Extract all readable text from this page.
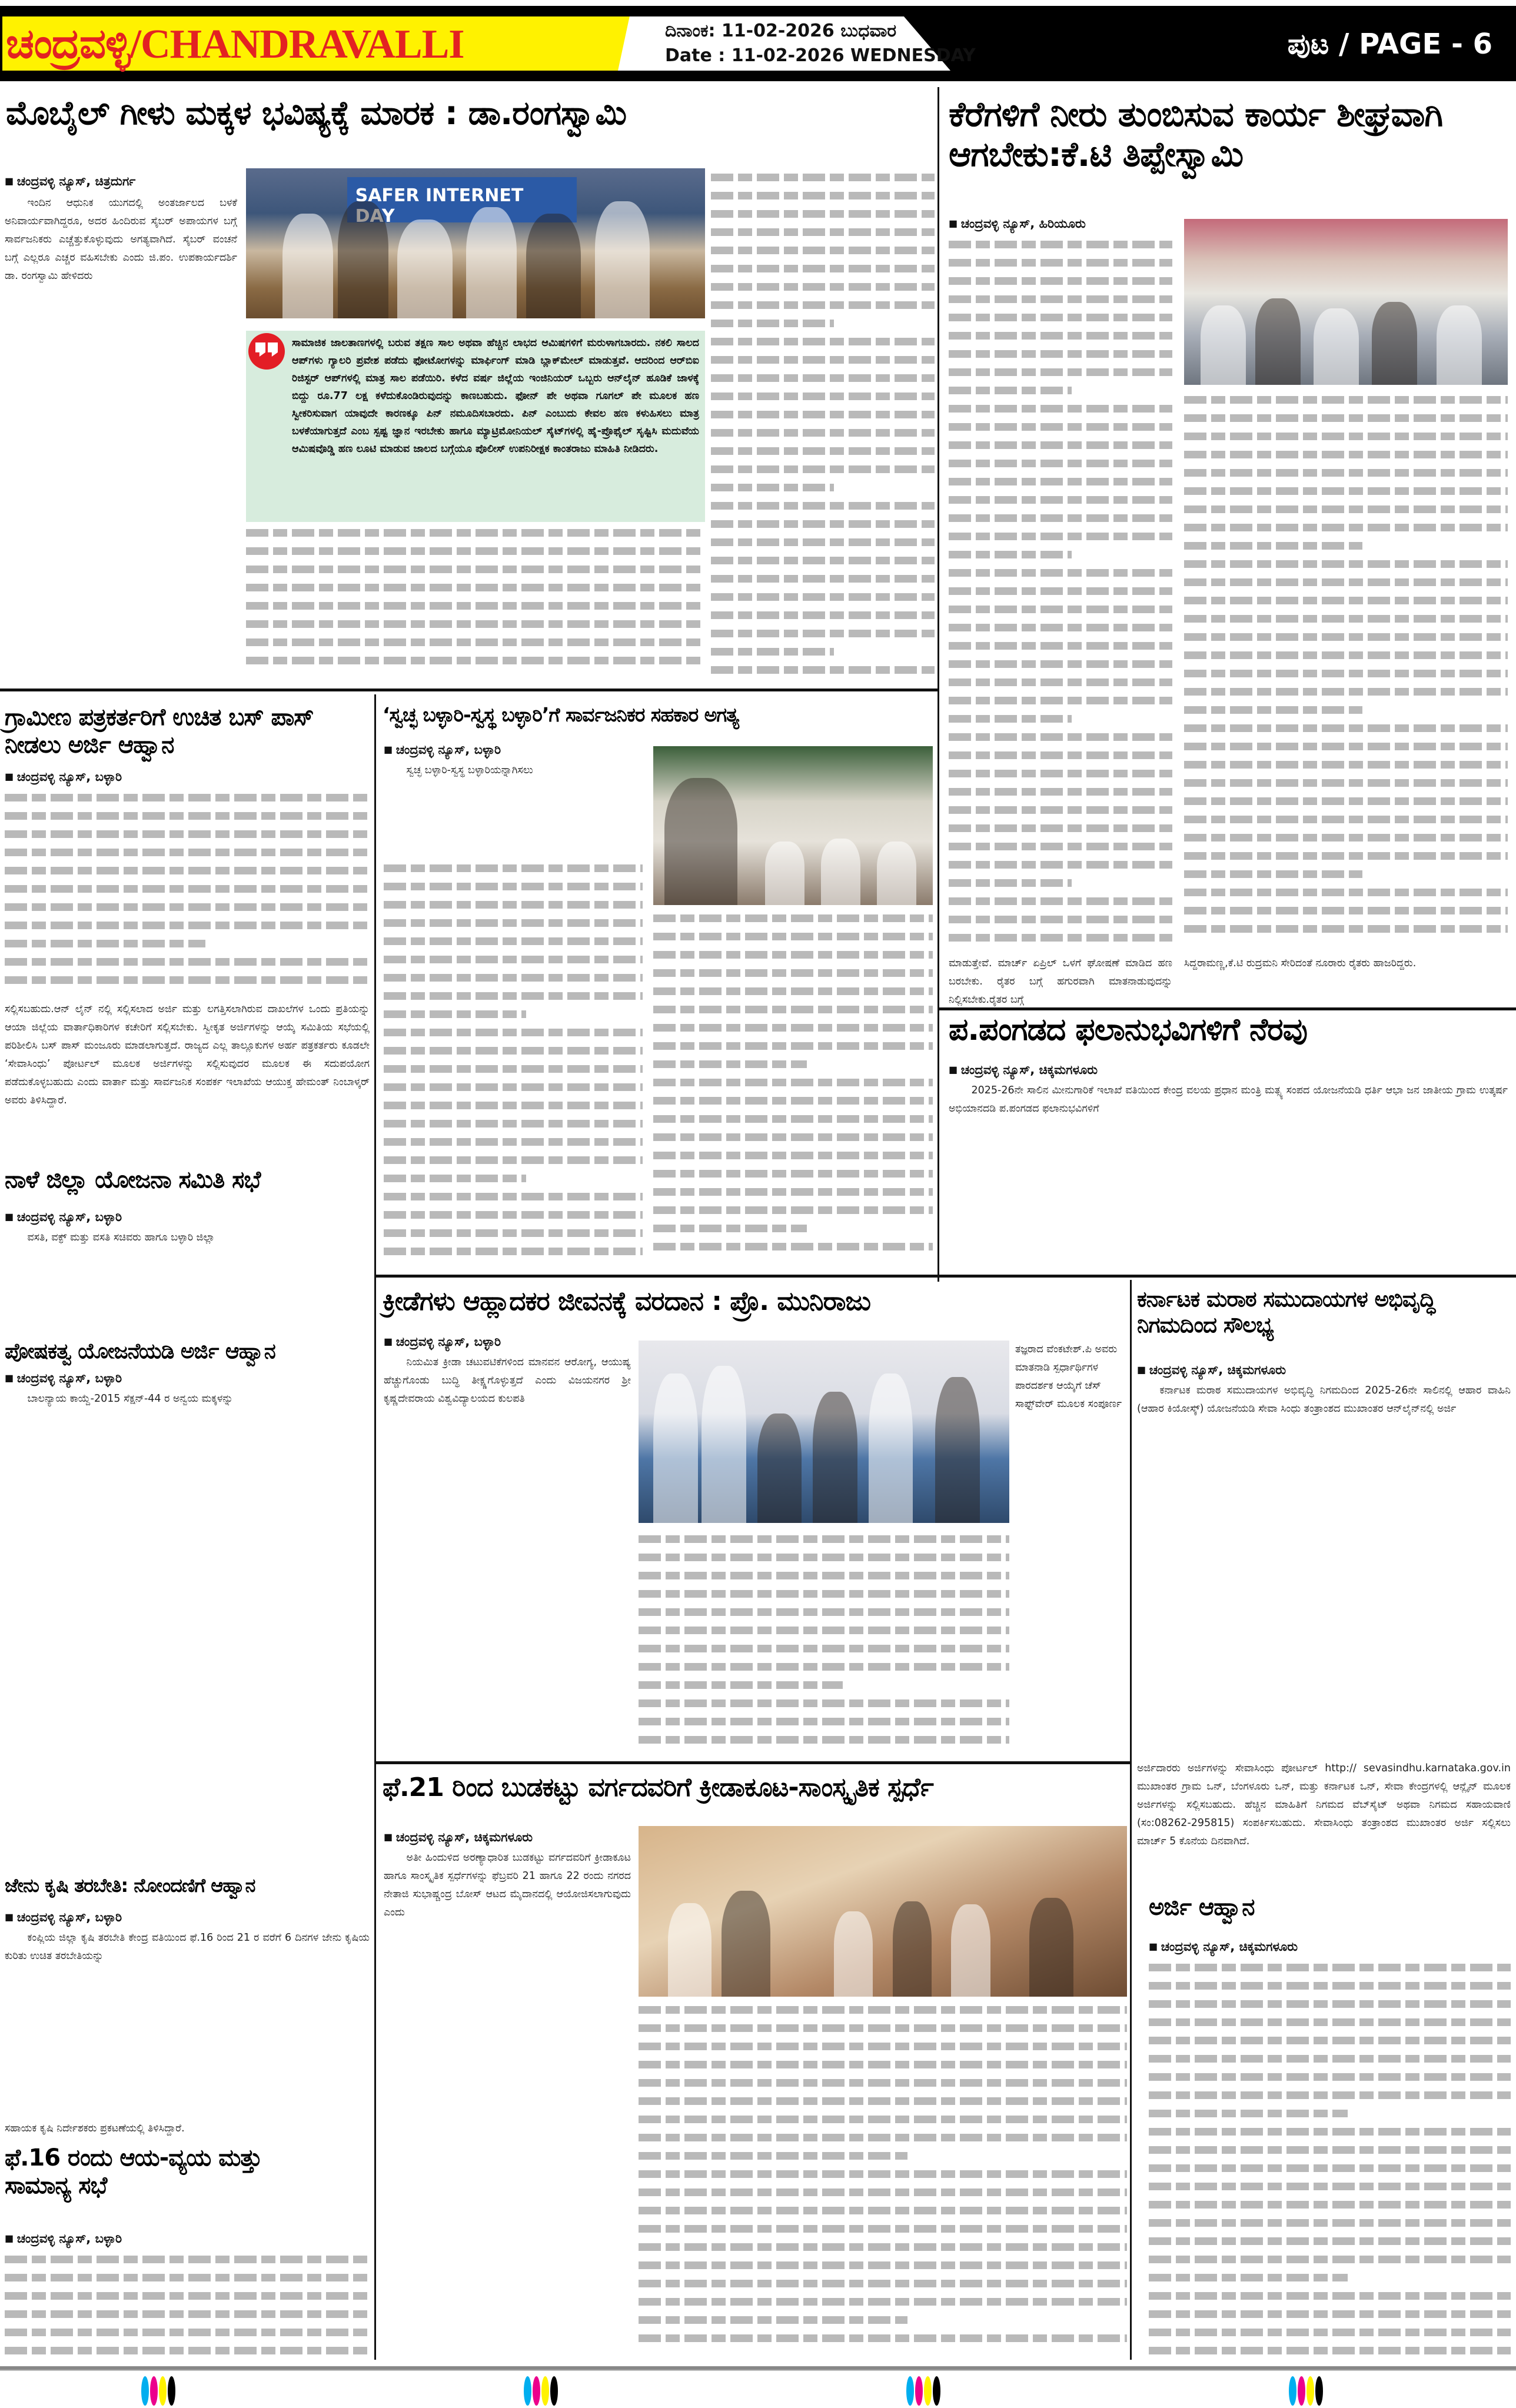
ಚಂದ್ರವಳ್ಳಿ/CHANDRAVALLI	ದಿನಾಂಕ: 11-02-2026 ಬುಧವಾರ
Date : 11-02-2026 WEDNESDAY	ಪುಟ / PAGE - 6
ಮೊಬೈಲ್ ಗೀಳು ಮಕ್ಕಳ ಭವಿಷ್ಯಕ್ಕೆ ಮಾರಕ : ಡಾ.ರಂಗಸ್ವಾಮಿ
■ ಚಂದ್ರವಳ್ಳಿ ನ್ಯೂಸ್, ಚಿತ್ರದುರ್ಗ

ಇಂದಿನ ಆಧುನಿಕ ಯುಗದಲ್ಲಿ ಅಂತರ್ಜಾಲದ ಬಳಕೆ ಅನಿವಾರ್ಯವಾಗಿದ್ದರೂ, ಅದರ ಹಿಂದಿರುವ ಸೈಬರ್ ಅಪಾಯಗಳ ಬಗ್ಗೆ ಸಾರ್ವಜನಿಕರು ಎಚ್ಚೆತ್ತುಕೊಳ್ಳುವುದು ಅಗತ್ಯವಾಗಿದೆ. ಸೈಬರ್ ವಂಚನೆ ಬಗ್ಗೆ ಎಲ್ಲರೂ ಎಚ್ಚರ ವಹಿಸಬೇಕು ಎಂದು ಜಿ.ಪಂ. ಉಪಕಾರ್ಯದರ್ಶಿ ಡಾ. ರಂಗಸ್ವಾಮಿ ಹೇಳಿದರು

SAFER INTERNET DAY
ಸಾಮಾಜಿಕ ಜಾಲತಾಣಗಳಲ್ಲಿ ಬರುವ ತಕ್ಷಣ ಸಾಲ ಅಥವಾ ಹೆಚ್ಚಿನ ಲಾಭದ ಆಮಿಷಗಳಿಗೆ ಮರುಳಾಗಬಾರದು. ನಕಲಿ ಸಾಲದ ಆಪ್‌ಗಳು ಗ್ಯಾಲರಿ ಪ್ರವೇಶ ಪಡೆದು ಫೋಟೋಗಳನ್ನು ಮಾರ್ಫಿಂಗ್ ಮಾಡಿ ಬ್ಲಾಕ್‌ಮೇಲ್ ಮಾಡುತ್ತವೆ. ಆದರಿಂದ ಆರ್‌ಬಿಐ ರಿಜಿಸ್ಟರ್ ಆಪ್‌ಗಳಲ್ಲಿ ಮಾತ್ರ ಸಾಲ ಪಡೆಯಿರಿ. ಕಳೆದ ವರ್ಷ ಜಿಲ್ಲೆಯ ಇಂಜಿನಿಯರ್ ಒಬ್ಬರು ಆನ್‌ಲೈನ್ ಹೂಡಿಕೆ ಜಾಳಕ್ಕೆ ಬಿದ್ದು ರೂ.77 ಲಕ್ಷ ಕಳೆದುಕೊಂಡಿರುವುದನ್ನು ಕಾಣಬಹುದು. ಫೋನ್ ಪೇ ಅಥವಾ ಗೂಗಲ್ ಪೇ ಮೂಲಕ ಹಣ ಸ್ವೀಕರಿಸುವಾಗ ಯಾವುದೇ ಕಾರಣಕ್ಕೂ ಪಿನ್ ನಮೂದಿಸಬಾರದು. ಪಿನ್ ಎಂಬುದು ಕೇವಲ ಹಣ ಕಳುಹಿಸಲು ಮಾತ್ರ ಬಳಕೆಯಾಗುತ್ತದೆ ಎಂಬ ಸ್ಪಷ್ಟ ಜ್ಞಾನ ಇರಬೇಕು ಹಾಗೂ ಮ್ಯಾಟ್ರಿಮೋನಿಯಲ್ ಸೈಟ್‌ಗಳಲ್ಲಿ ಹೈ-ಪ್ರೊಫೈಲ್ ಸೃಷ್ಟಿಸಿ ಮದುವೆಯ ಆಮಿಷವೊಡ್ಡಿ ಹಣ ಲೂಟಿ ಮಾಡುವ ಜಾಲದ ಬಗ್ಗೆಯೂ ಪೊಲೀಸ್ ಉಪನಿರೀಕ್ಷಕ ಕಾಂತರಾಜು ಮಾಹಿತಿ ನೀಡಿದರು.
ಕೆರೆಗಳಿಗೆ ನೀರು ತುಂಬಿಸುವ ಕಾರ್ಯ ಶೀಘ್ರವಾಗಿ ಆಗಬೇಕು:ಕೆ.ಟಿ ತಿಪ್ಪೇಸ್ವಾಮಿ
■ ಚಂದ್ರವಳ್ಳಿ ನ್ಯೂಸ್, ಹಿರಿಯೂರು
ಮಾಡುತ್ತೇವೆ. ಮಾರ್ಚ್ ಏಪ್ರಿಲ್ ಒಳಗೆ ಘೋಷಣೆ ಮಾಡಿದ ಹಣ ಬರಬೇಕು. ರೈತರ ಬಗ್ಗೆ ಹಗುರವಾಗಿ ಮಾತನಾಡುವುದನ್ನು ನಿಲ್ಲಿಸಬೇಕು.ರೈತರ ಬಗ್ಗೆ
ಸಿದ್ದರಾಮಣ್ಣ,ಕೆ.ಟಿ ರುದ್ರಮನಿ ಸೇರಿದಂತೆ ನೂರಾರು ರೈತರು ಹಾಜರಿದ್ದರು.
ಗ್ರಾಮೀಣ ಪತ್ರಕರ್ತರಿಗೆ ಉಚಿತ ಬಸ್ ಪಾಸ್ ನೀಡಲು ಅರ್ಜಿ ಆಹ್ವಾನ
■ ಚಂದ್ರವಳ್ಳಿ ನ್ಯೂಸ್, ಬಳ್ಳಾರಿ
ಸಲ್ಲಿಸಬಹುದು.ಆನ್ ಲೈನ್ ನಲ್ಲಿ ಸಲ್ಲಿಸಲಾದ ಅರ್ಜಿ ಮತ್ತು ಲಗತ್ತಿಸಲಾಗಿರುವ ದಾಖಲೆಗಳ ಒಂದು ಪ್ರತಿಯನ್ನು ಆಯಾ ಜಿಲ್ಲೆಯ ವಾರ್ತಾಧಿಕಾರಿಗಳ ಕಚೇರಿಗೆ ಸಲ್ಲಿಸಬೇಕು. ಸ್ವೀಕೃತ ಅರ್ಜಿಗಳನ್ನು ಆಯ್ಕೆ ಸಮಿತಿಯ ಸಭೆಯಲ್ಲಿ ಪರಿಶೀಲಿಸಿ ಬಸ್ ಪಾಸ್ ಮಂಜೂರು ಮಾಡಲಾಗುತ್ತದೆ. ರಾಜ್ಯದ ಎಲ್ಲ ತಾಲ್ಲೂಕುಗಳ ಅರ್ಹ ಪತ್ರಕರ್ತರು ಕೂಡಲೇ ‘ಸೇವಾಸಿಂಧು’ ಪೋರ್ಟಲ್ ಮೂಲಕ ಅರ್ಜಿಗಳನ್ನು ಸಲ್ಲಿಸುವುದರ ಮೂಲಕ ಈ ಸದುಪಯೋಗ ಪಡೆದುಕೊಳ್ಳಬಹುದು ಎಂದು ವಾರ್ತಾ ಮತ್ತು ಸಾರ್ವಜನಿಕ ಸಂಪರ್ಕ ಇಲಾಖೆಯ ಆಯುಕ್ತ ಹೇಮಂತ್ ನಿಂಬಾಳ್ಕರ್ ಅವರು ತಿಳಿಸಿದ್ದಾರೆ.
ನಾಳೆ ಜಿಲ್ಲಾ ಯೋಜನಾ ಸಮಿತಿ ಸಭೆ
■ ಚಂದ್ರವಳ್ಳಿ ನ್ಯೂಸ್, ಬಳ್ಳಾರಿ

ವಸತಿ, ವಕ್ಫ್ ಮತ್ತು ವಸತಿ ಸಚಿವರು ಹಾಗೂ ಬಳ್ಳಾರಿ ಜಿಲ್ಲಾ

ಪೋಷಕತ್ವ ಯೋಜನೆಯಡಿ ಅರ್ಜಿ ಆಹ್ವಾನ
■ ಚಂದ್ರವಳ್ಳಿ ನ್ಯೂಸ್, ಬಳ್ಳಾರಿ

ಬಾಲನ್ಯಾಯ ಕಾಯ್ದೆ-2015 ಸೆಕ್ಷನ್-44 ರ ಅನ್ವಯ ಮಕ್ಕಳನ್ನು

ಜೇನು ಕೃಷಿ ತರಬೇತಿ: ನೋಂದಣಿಗೆ ಆಹ್ವಾನ
■ ಚಂದ್ರವಳ್ಳಿ ನ್ಯೂಸ್, ಬಳ್ಳಾರಿ

ಕಂಪ್ಲಿಯ ಜಿಲ್ಲಾ ಕೃಷಿ ತರಬೇತಿ ಕೇಂದ್ರ ವತಿಯಿಂದ ಫೆ.16 ರಿಂದ 21 ರ ವರೆಗೆ 6 ದಿನಗಳ ಜೇನು ಕೃಷಿಯ ಕುರಿತು ಉಚಿತ ತರಬೇತಿಯನ್ನು

ಸಹಾಯಕ ಕೃಷಿ ನಿರ್ದೇಶಕರು ಪ್ರಕಟಣೆಯಲ್ಲಿ ತಿಳಿಸಿದ್ದಾರೆ.
ಫೆ.16 ರಂದು ಆಯ-ವ್ಯಯ ಮತ್ತು ಸಾಮಾನ್ಯ ಸಭೆ
■ ಚಂದ್ರವಳ್ಳಿ ನ್ಯೂಸ್, ಬಳ್ಳಾರಿ
‘ಸ್ವಚ್ಛ ಬಳ್ಳಾರಿ-ಸ್ವಸ್ಥ ಬಳ್ಳಾರಿ’ಗೆ ಸಾರ್ವಜನಿಕರ ಸಹಕಾರ ಅಗತ್ಯ
■ ಚಂದ್ರವಳ್ಳಿ ನ್ಯೂಸ್, ಬಳ್ಳಾರಿ

ಸ್ವಚ್ಛ ಬಳ್ಳಾರಿ-ಸ್ವಸ್ಥ ಬಳ್ಳಾರಿಯನ್ನಾಗಿಸಲು

ಪ.ಪಂಗಡದ ಫಲಾನುಭವಿಗಳಿಗೆ ನೆರವು
■ ಚಂದ್ರವಳ್ಳಿ ನ್ಯೂಸ್, ಚಿಕ್ಕಮಗಳೂರು

2025-26ನೇ ಸಾಲಿನ ಮೀನುಗಾರಿಕೆ ಇಲಾಖೆ ವತಿಯಿಂದ ಕೇಂದ್ರ ವಲಯ ಪ್ರಧಾನ ಮಂತ್ರಿ ಮತ್ಸ್ಯ ಸಂಪದ ಯೋಜನೆಯಡಿ ಧರ್ತಿ ಆಭಾ ಜನ ಜಾತೀಯ ಗ್ರಾಮ ಉತ್ಕರ್ಷ ಅಭಿಯಾನದಡಿ ಪ.ಪಂಗಡದ ಫಲಾನುಭವಿಗಳಿಗೆ

ಕ್ರೀಡೆಗಳು ಆಹ್ಲಾದಕರ ಜೀವನಕ್ಕೆ ವರದಾನ : ಪ್ರೊ. ಮುನಿರಾಜು
■ ಚಂದ್ರವಳ್ಳಿ ನ್ಯೂಸ್, ಬಳ್ಳಾರಿ

ನಿಯಮಿತ ಕ್ರೀಡಾ ಚಟುವಟಿಕೆಗಳಿಂದ ಮಾನವನ ಆರೋಗ್ಯ, ಆಯುಷ್ಯ ಹೆಚ್ಚುಗೊಂಡು ಬುದ್ಧಿ ತೀಕ್ಷ್ಣಗೊಳ್ಳುತ್ತದೆ ಎಂದು ವಿಜಯನಗರ ಶ್ರೀ ಕೃಷ್ಣದೇವರಾಯ ವಿಶ್ವವಿದ್ಯಾಲಯದ ಕುಲಪತಿ

ತಜ್ಞರಾದ ವೆಂಕಟೇಶ್.ಪಿ ಅವರು ಮಾತನಾಡಿ ಸ್ಪರ್ಧಾರ್ಥಿಗಳ ಪಾರದರ್ಶಕ ಆಯ್ಕೆಗೆ ಚೆಸ್ ಸಾಫ್ಟ್‌ವೇರ್ ಮೂಲಕ ಸಂಪೂರ್ಣ
ಕರ್ನಾಟಕ ಮರಾಠ ಸಮುದಾಯಗಳ ಅಭಿವೃದ್ಧಿ ನಿಗಮದಿಂದ ಸೌಲಭ್ಯ
■ ಚಂದ್ರವಳ್ಳಿ ನ್ಯೂಸ್, ಚಿಕ್ಕಮಗಳೂರು

ಕರ್ನಾಟಕ ಮರಾಠ ಸಮುದಾಯಗಳ ಅಭಿವೃದ್ಧಿ ನಿಗಮದಿಂದ 2025-26ನೇ ಸಾಲಿನಲ್ಲಿ ಆಹಾರ ವಾಹಿನಿ (ಆಹಾರ ಕಿಯೋಸ್ಕ್) ಯೋಜನೆಯಡಿ ಸೇವಾ ಸಿಂಧು ತಂತ್ರಾಂಶದ ಮುಖಾಂತರ ಆನ್‌ಲೈನ್‌ನಲ್ಲಿ ಅರ್ಜಿ

ಅರ್ಜಿದಾರರು ಅರ್ಜಿಗಳನ್ನು ಸೇವಾಸಿಂಧು ಪೋರ್ಟಲ್ http:// sevasindhu.karnataka.gov.in ಮುಖಾಂತರ ಗ್ರಾಮ ಒನ್, ಬೆಂಗಳೂರು ಒನ್, ಮತ್ತು ಕರ್ನಾಟಕ ಒನ್, ಸೇವಾ ಕೇಂದ್ರಗಳಲ್ಲಿ ಆನ್ಲೈನ್ ಮೂಲಕ ಅರ್ಜಿಗಳನ್ನು ಸಲ್ಲಿಸಬಹುದು. ಹೆಚ್ಚಿನ ಮಾಹಿತಿಗೆ ನಿಗಮದ ವೆಬ್‌ಸೈಟ್ ಅಥವಾ ನಿಗಮದ ಸಹಾಯವಾಣಿ (ಸಂ:08262-295815) ಸಂಪರ್ಕಿಸಬಹುದು. ಸೇವಾಸಿಂಧು ತಂತ್ರಾಂಶದ ಮುಖಾಂತರ ಅರ್ಜಿ ಸಲ್ಲಿಸಲು ಮಾರ್ಚ್ 5 ಕೊನೆಯ ದಿನವಾಗಿದೆ.
ಫೆ.21 ರಿಂದ ಬುಡಕಟ್ಟು ವರ್ಗದವರಿಗೆ ಕ್ರೀಡಾಕೂಟ-ಸಾಂಸ್ಕೃತಿಕ ಸ್ಪರ್ಧೆ
■ ಚಂದ್ರವಳ್ಳಿ ನ್ಯೂಸ್, ಚಿಕ್ಕಮಗಳೂರು

ಅತೀ ಹಿಂದುಳಿದ ಅರಣ್ಯಾಧಾರಿತ ಬುಡಕಟ್ಟು ವರ್ಗದವರಿಗೆ ಕ್ರೀಡಾಕೂಟ ಹಾಗೂ ಸಾಂಸ್ಕೃತಿಕ ಸ್ಪರ್ಧೆಗಳನ್ನು ಫೆಬ್ರವರಿ 21 ಹಾಗೂ 22 ರಂದು ನಗರದ ನೇತಾಜಿ ಸುಭಾಷ್ಚಂದ್ರ ಬೋಸ್ ಆಟದ ಮೈದಾನದಲ್ಲಿ ಆಯೋಜಿಸಲಾಗುವುದು ಎಂದು	ಅರ್ಜಿ ಆಹ್ವಾನ
■ ಚಂದ್ರವಳ್ಳಿ ನ್ಯೂಸ್, ಚಿಕ್ಕಮಗಳೂರು
